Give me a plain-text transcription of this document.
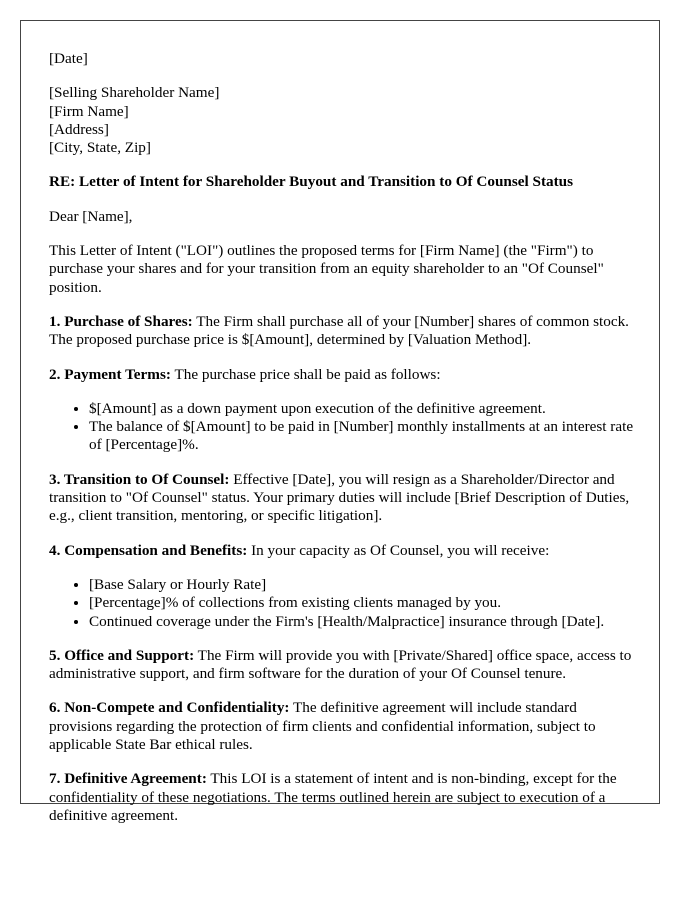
[Date]

[Selling Shareholder Name]
[Firm Name]
[Address]
[City, State, Zip]

RE: Letter of Intent for Shareholder Buyout and Transition to Of Counsel Status

Dear [Name],

This Letter of Intent ("LOI") outlines the proposed terms for [Firm Name] (the "Firm") to purchase your shares and for your transition from an equity shareholder to an "Of Counsel" position.

1. Purchase of Shares: The Firm shall purchase all of your [Number] shares of common stock. The proposed purchase price is $[Amount], determined by [Valuation Method].

2. Payment Terms: The purchase price shall be paid as follows:

• $[Amount] as a down payment upon execution of the definitive agreement.
• The balance of $[Amount] to be paid in [Number] monthly installments at an interest rate of [Percentage]%.

3. Transition to Of Counsel: Effective [Date], you will resign as a Shareholder/Director and transition to "Of Counsel" status. Your primary duties will include [Brief Description of Duties, e.g., client transition, mentoring, or specific litigation].

4. Compensation and Benefits: In your capacity as Of Counsel, you will receive:

• [Base Salary or Hourly Rate]
• [Percentage]% of collections from existing clients managed by you.
• Continued coverage under the Firm's [Health/Malpractice] insurance through [Date].

5. Office and Support: The Firm will provide you with [Private/Shared] office space, access to administrative support, and firm software for the duration of your Of Counsel tenure.

6. Non-Compete and Confidentiality: The definitive agreement will include standard provisions regarding the protection of firm clients and confidential information, subject to applicable State Bar ethical rules.

7. Definitive Agreement: This LOI is a statement of intent and is non-binding, except for the confidentiality of these negotiations. The terms outlined herein are subject to execution of a definitive agreement.
